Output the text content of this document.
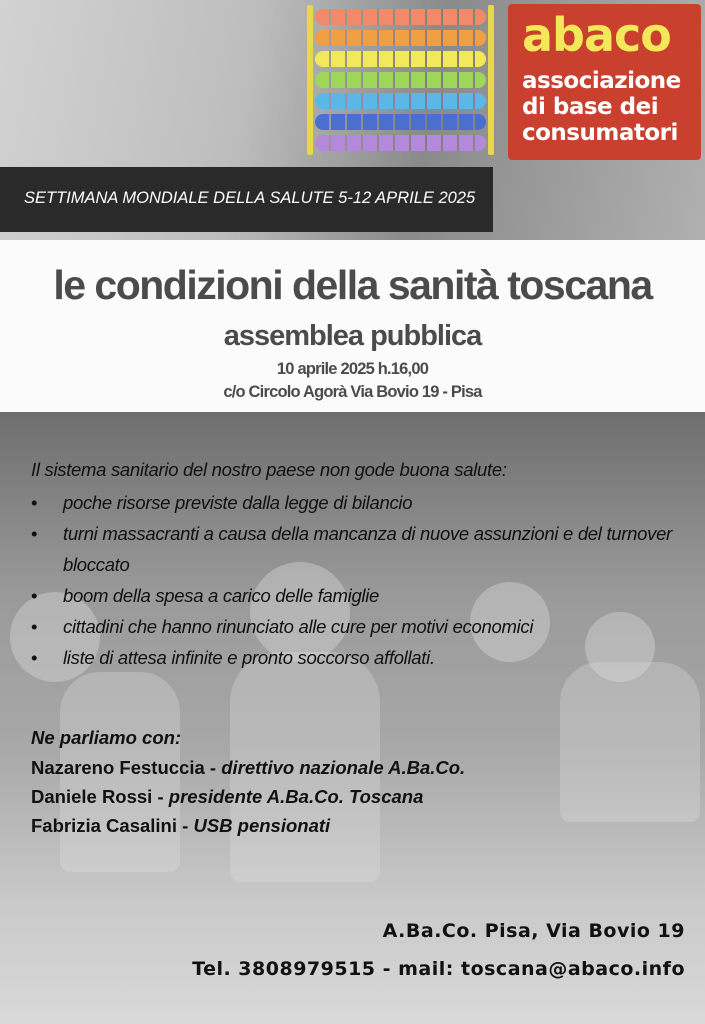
abaco
associazione
di base dei
consumatori
SETTIMANA MONDIALE DELLA SALUTE 5-12 APRILE 2025
le condizioni della sanità toscana
assemblea pubblica
10 aprile 2025 h.16,00
c/o Circolo Agorà Via Bovio 19 - Pisa
Il sistema sanitario del nostro paese non gode buona salute:
• poche risorse previste dalla legge di bilancio
• turni massacranti a causa della mancanza di nuove assunzioni e del turnover bloccato
• boom della spesa a carico delle famiglie
• cittadini che hanno rinunciato alle cure per motivi economici
• liste di attesa infinite e pronto soccorso affollati.
Ne parliamo con:
Nazareno Festuccia - direttivo nazionale A.Ba.Co.
Daniele Rossi - presidente A.Ba.Co. Toscana
Fabrizia Casalini - USB pensionati
A.Ba.Co. Pisa, Via Bovio 19
Tel. 3808979515 - mail: toscana@abaco.info
